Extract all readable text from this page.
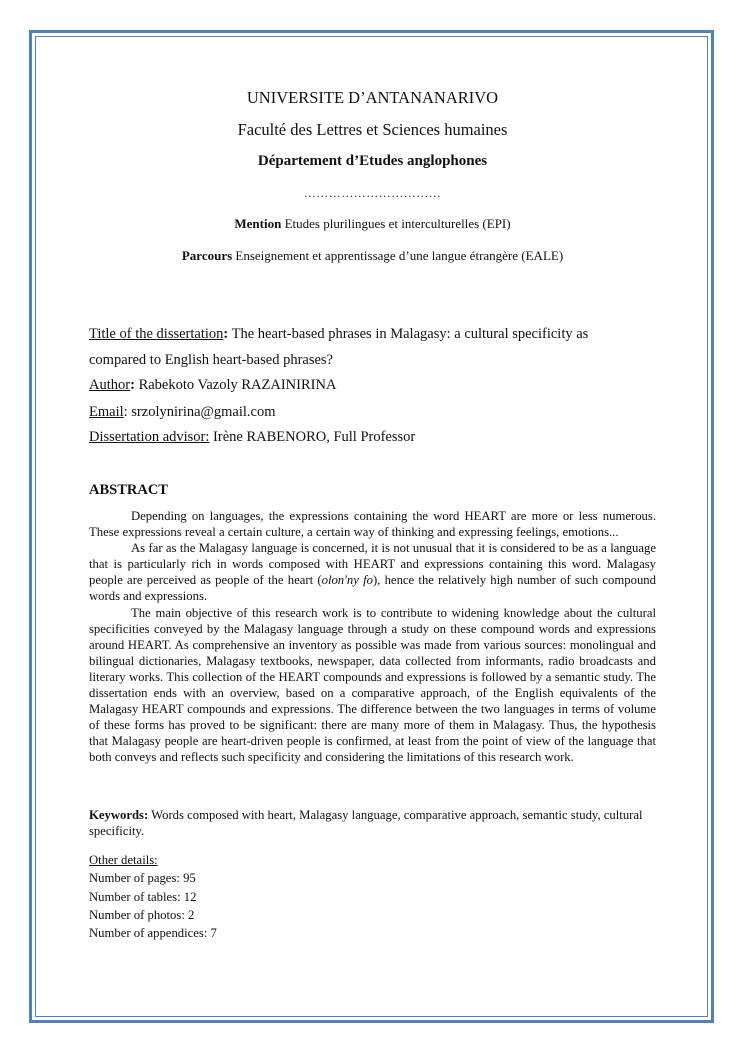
UNIVERSITE D’ANTANANARIVO
Faculté des Lettres et Sciences humaines
Département d’Etudes anglophones
……………………………
Mention Etudes plurilingues et interculturelles (EPI)
Parcours Enseignement et apprentissage d’une langue étrangère (EALE)
Title of the dissertation: The heart-based phrases in Malagasy: a cultural specificity as
compared to English heart-based phrases?
Author: Rabekoto Vazoly RAZAINIRINA
Email: srzolynirina@gmail.com
Dissertation advisor: Irène RABENORO, Full Professor
ABSTRACT

Depending on languages, the expressions containing the word HEART are more or less numerous. These expressions reveal a certain culture, a certain way of thinking and expressing feelings, emotions...

As far as the Malagasy language is concerned, it is not unusual that it is considered to be as a language that is particularly rich in words composed with HEART and expressions containing this word. Malagasy people are perceived as people of the heart (olon'ny fo), hence the relatively high number of such compound words and expressions.

The main objective of this research work is to contribute to widening knowledge about the cultural specificities conveyed by the Malagasy language through a study on these compound words and expressions around HEART. As comprehensive an inventory as possible was made from various sources: monolingual and bilingual dictionaries, Malagasy textbooks, newspaper, data collected from informants, radio broadcasts and literary works. This collection of the HEART compounds and expressions is followed by a semantic study. The dissertation ends with an overview, based on a comparative approach, of the English equivalents of the Malagasy HEART compounds and expressions. The difference between the two languages in terms of volume of these forms has proved to be significant: there are many more of them in Malagasy. Thus, the hypothesis that Malagasy people are heart-driven people is confirmed, at least from the point of view of the language that both conveys and reflects such specificity and considering the limitations of this research work.

Keywords: Words composed with heart, Malagasy language, comparative approach, semantic study, cultural specificity.
Other details:
Number of pages: 95
Number of tables: 12
Number of photos: 2
Number of appendices: 7
